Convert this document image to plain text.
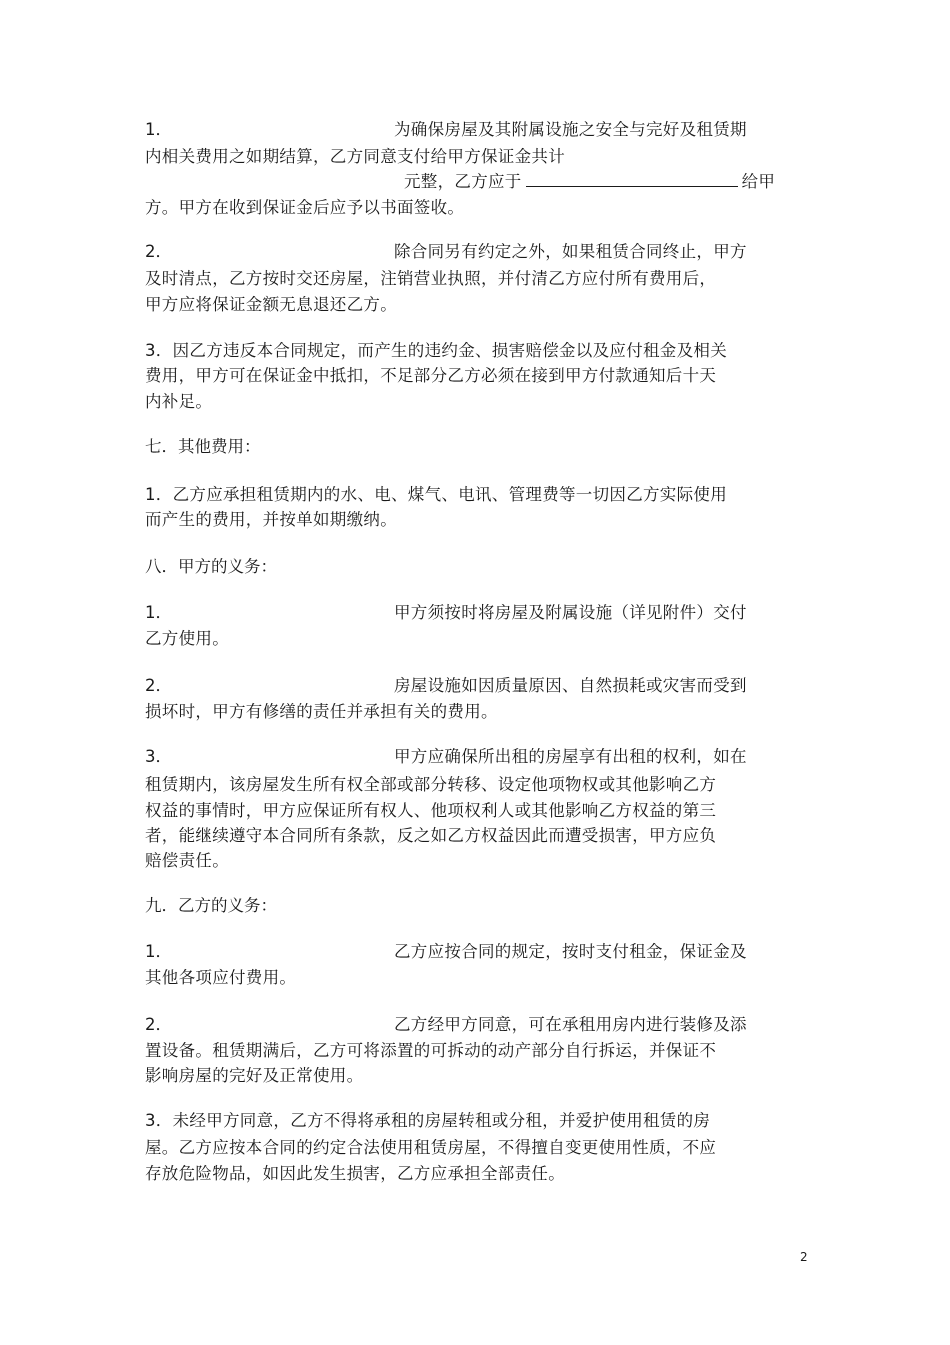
1．	为确保房屋及其附属设施之安全与完好及租赁期
内相关费用之如期结算，乙方同意支付给甲方保证金共计
元整，乙方应于	给甲
方。甲方在收到保证金后应予以书面签收。
2．	除合同另有约定之外，如果租赁合同终止，甲方
及时清点，乙方按时交还房屋，注销营业执照，并付清乙方应付所有费用后，
甲方应将保证金额无息退还乙方。
3．因乙方违反本合同规定，而产生的违约金、损害赔偿金以及应付租金及相关
费用，甲方可在保证金中抵扣，不足部分乙方必须在接到甲方付款通知后十天
内补足。
七．其他费用：
1．乙方应承担租赁期内的水、电、煤气、电讯、管理费等一切因乙方实际使用
而产生的费用，并按单如期缴纳。
八．甲方的义务：
1．	甲方须按时将房屋及附属设施（详见附件）交付
乙方使用。
2．	房屋设施如因质量原因、自然损耗或灾害而受到
损坏时，甲方有修缮的责任并承担有关的费用。
3．	甲方应确保所出租的房屋享有出租的权利，如在
租赁期内，该房屋发生所有权全部或部分转移、设定他项物权或其他影响乙方
权益的事情时，甲方应保证所有权人、他项权利人或其他影响乙方权益的第三
者，能继续遵守本合同所有条款，反之如乙方权益因此而遭受损害，甲方应负
赔偿责任。
九．乙方的义务：
1．	乙方应按合同的规定，按时支付租金，保证金及
其他各项应付费用。
2．	乙方经甲方同意，可在承租用房内进行装修及添
置设备。租赁期满后，乙方可将添置的可拆动的动产部分自行拆运，并保证不
影响房屋的完好及正常使用。
3．未经甲方同意，乙方不得将承租的房屋转租或分租，并爱护使用租赁的房
屋。乙方应按本合同的约定合法使用租赁房屋，不得擅自变更使用性质，不应
存放危险物品，如因此发生损害，乙方应承担全部责任。
2
